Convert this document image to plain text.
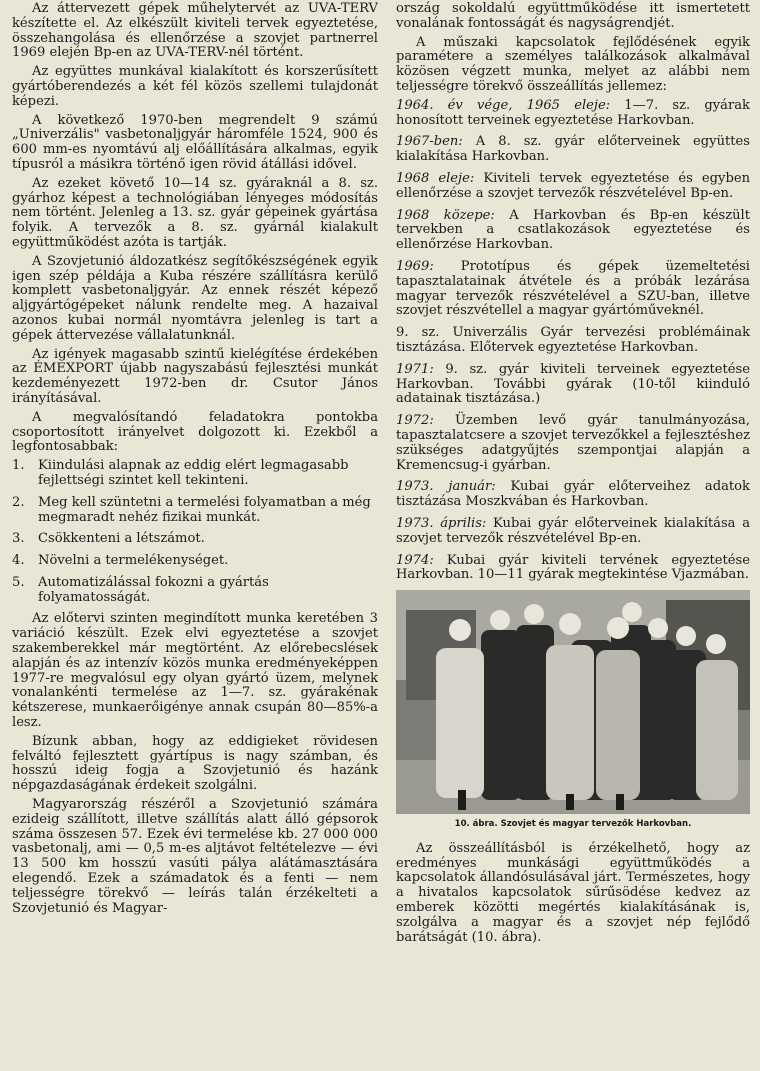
Az áttervezett gépek műhelytervét az UVA-TERV készítette el. Az elkészült kiviteli tervek egyeztetése, összehangolása és ellenőrzése a szovjet partnerrel 1969 elején Bp-en az UVA-TERV-nél történt.

Az együttes munkával kialakított és korszerűsített gyártóberendezés a két fél közös szellemi tulajdonát képezi.

A következő 1970-ben megrendelt 9 számú „Univerzális" vasbetonaljgyár háromféle 1524, 900 és 600 mm-es nyomtávú alj előállítására alkalmas, egyik típusról a másikra történő igen rövid átállási idővel.

Az ezeket követő 10—14 sz. gyáraknál a 8. sz. gyárhoz képest a technológiában lényeges módosítás nem történt. Jelenleg a 13. sz. gyár gépeinek gyártása folyik. A tervezők a 8. sz. gyárnál kialakult együttműködést azóta is tartják.

A Szovjetunió áldozatkész segítőkészségének egyik igen szép példája a Kuba részére szállításra kerülő komplett vasbetonaljgyár. Az ennek részét képező aljgyártógépeket nálunk rendelte meg. A hazaival azonos kubai normál nyomtávra jelenleg is tart a gépek áttervezése vállalatunknál.

Az igények magasabb szintű kielégítése érdekében az ÉMEXPORT újabb nagyszabású fejlesztési munkát kezdeményezett 1972-ben dr. Csutor János irányításával.

A megvalósítandó feladatokra pontokba csoportosított irányelvet dolgozott ki. Ezekből a legfontosabbak:

1. Kiindulási alapnak az eddig elért legmagasabb fejlettségi szintet kell tekinteni.
2. Meg kell szüntetni a termelési folyamatban a még megmaradt nehéz fizikai munkát.
3. Csökkenteni a létszámot.
4. Növelni a termelékenységet.
5. Automatizálással fokozni a gyártás folyamatosságát.

Az előtervi szinten megindított munka keretében 3 variáció készült. Ezek elvi egyeztetése a szovjet szakemberekkel már megtörtént. Az előrebecslések alapján és az intenzív közös munka eredményeképpen 1977-re megvalósul egy olyan gyártó üzem, melynek vonalankénti termelése az 1—7. sz. gyárakénak kétszerese, munkaerőigénye annak csupán 80—85%-a lesz.

Bízunk abban, hogy az eddigieket rövidesen felváltó fejlesztett gyártípus is nagy számban, és hosszú ideig fogja a Szovjetunió és hazánk népgazdaságának érdekeit szolgálni.

Magyarország részéről a Szovjetunió számára ezideig szállított, illetve szállítás alatt álló gépsorok száma összesen 57. Ezek évi termelése kb. 27 000 000 vasbetonalj, ami — 0,5 m-es aljtávot feltételezve — évi 13 500 km hosszú vasúti pálya alátámasztására elegendő. Ezek a számadatok és a fenti — nem teljességre törekvő — leírás talán érzékelteti a Szovjetunió és Magyar-

ország sokoldalú együttműködése itt ismertetett vonalának fontosságát és nagyságrendjét.

A műszaki kapcsolatok fejlődésének egyik paramétere a személyes találkozások alkalmával közösen végzett munka, melyet az alábbi nem teljességre törekvő összeállítás jellemez:

1964. év vége, 1965 eleje: 1—7. sz. gyárak honosított terveinek egyeztetése Harkovban.

1967-ben: A 8. sz. gyár előterveinek együttes kialakítása Harkovban.

1968 eleje: Kiviteli tervek egyeztetése és egyben ellenőrzése a szovjet tervezők részvételével Bp-en.

1968 közepe: A Harkovban és Bp-en készült tervekben a csatlakozások egyeztetése és ellenőrzése Harkovban.

1969: Prototípus és gépek üzemeltetési tapasztalatainak átvétele és a próbák lezárása magyar tervezők részvételével a SZU-ban, illetve szovjet részvétellel a magyar gyártóműveknél.

9. sz. Univerzális Gyár tervezési problémáinak tisztázása. Előtervek egyeztetése Harkovban.

1971: 9. sz. gyár kiviteli terveinek egyeztetése Harkovban. További gyárak (10-től kiinduló adatainak tisztázása.)

1972: Üzemben levő gyár tanulmányozása, tapasztalatcsere a szovjet tervezőkkel a fejlesztéshez szükséges adatgyűjtés szempontjai alapján a Kremencsug-i gyárban.

1973. január: Kubai gyár előterveihez adatok tisztázása Moszkvában és Harkovban.

1973. április: Kubai gyár előterveinek kialakítása a szovjet tervezők részvételével Bp-en.

1974: Kubai gyár kiviteli tervének egyeztetése Harkovban. 10—11 gyárak megtekintése Vjazmában.

10. ábra. Szovjet és magyar tervezők Harkovban.

Az összeállításból is érzékelhető, hogy az eredményes munkásági együttműködés a kapcsolatok állandósulásával járt. Természetes, hogy a hivatalos kapcsolatok sűrűsödése kedvez az emberek közötti megértés kialakításának is, szolgálva a magyar és a szovjet nép fejlődő barátságát (10. ábra).
